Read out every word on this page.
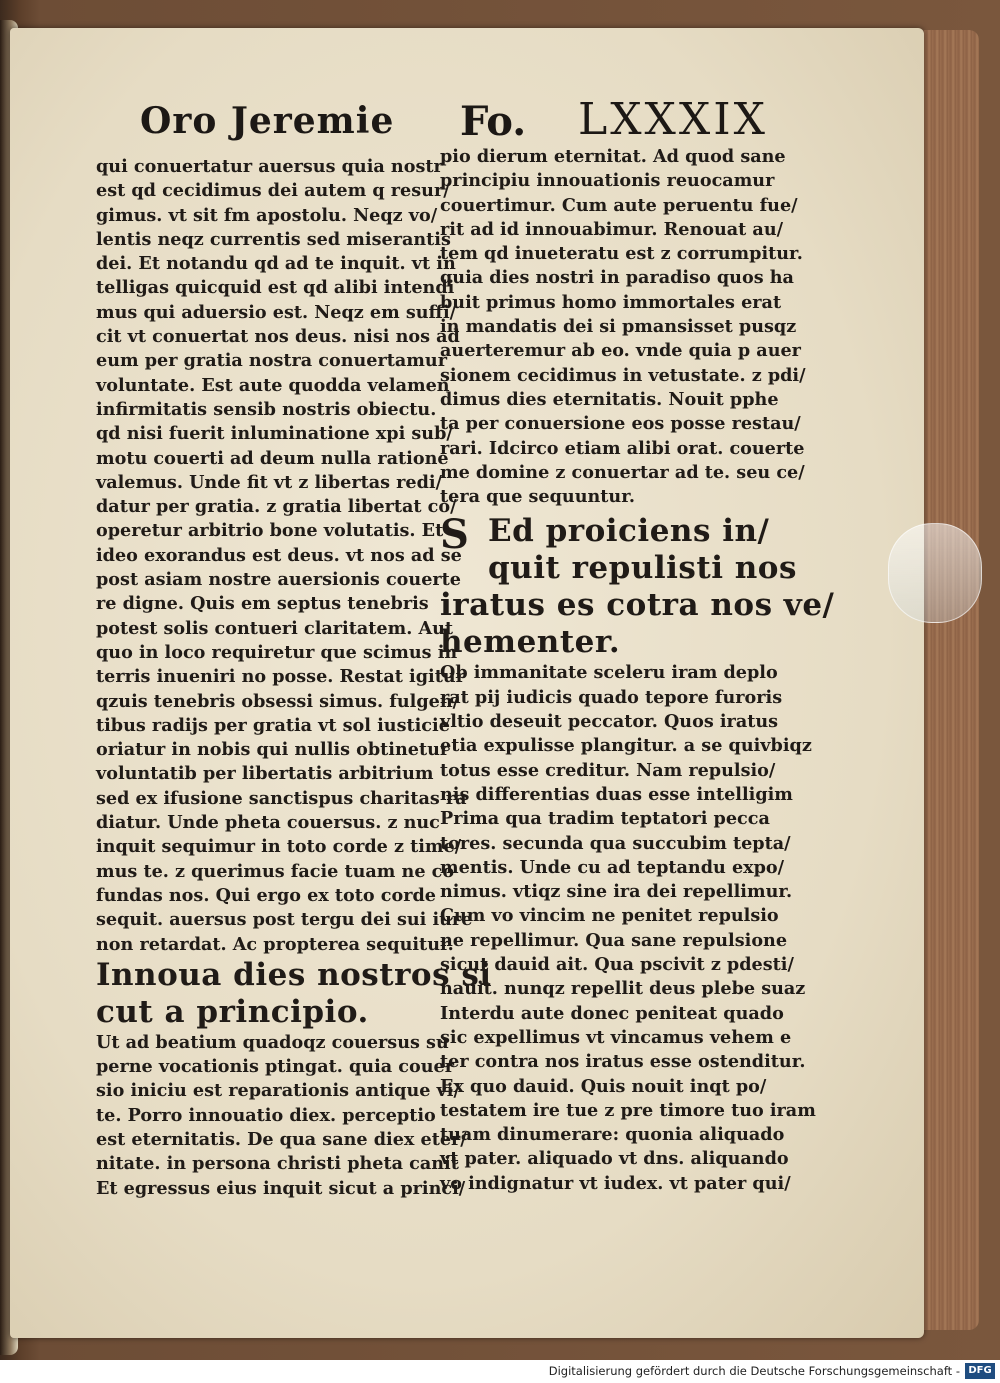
Oro Jeremie Fo. LXXXIX
qui conuertatur auersus quia nostr
est qd cecidimus dei autem q resur/
gimus. vt sit fm apostolu. Neqz vo/
lentis neqz currentis sed miserantis
dei. Et notandu qd ad te inquit. vt in
telligas quicquid est qd alibi intendi
mus qui aduersio est. Neqz em suffi/
cit vt conuertat nos deus. nisi nos ad
eum per gratia nostra conuertamur
voluntate. Est aute quodda velamen
infirmitatis sensib nostris obiectu.
qd nisi fuerit inluminatione xpi sub/
motu couerti ad deum nulla ratione
valemus. Unde fit vt z libertas redi/
datur per gratia. z gratia libertat co/
operetur arbitrio bone volutatis. Et
ideo exorandus est deus. vt nos ad se
post asiam nostre auersionis couerte
re digne. Quis em septus tenebris
potest solis contueri claritatem. Aut
quo in loco requiretur que scimus in
terris inueniri no posse. Restat igitur
qzuis tenebris obsessi simus. fulgen/
tibus radijs per gratia vt sol iusticie
oriatur in nobis qui nullis obtinetur
voluntatib per libertatis arbitrium
sed ex ifusione sanctispus charitas ra
diatur. Unde pheta couersus. z nuc
inquit sequimur in toto corde z time/
mus te. z querimus facie tuam ne co
fundas nos. Qui ergo ex toto corde
sequit. auersus post tergu dei sui iure
non retardat. Ac propterea sequitur.
Innoua dies nostros si
cut a principio.
Ut ad beatium quadoqz couersus su
perne vocationis ptingat. quia couer
sio iniciu est reparationis antique vi/
te. Porro innouatio diex. perceptio
est eternitatis. De qua sane diex eter/
nitate. in persona christi pheta canit
Et egressus eius inquit sicut a princi/
pio dierum eternitat. Ad quod sane
principiu innouationis reuocamur
couertimur. Cum aute peruentu fue/
rit ad id innouabimur. Renouat au/
tem qd inueteratu est z corrumpitur.
quia dies nostri in paradiso quos ha
buit primus homo immortales erat
in mandatis dei si pmansisset pusqz
auerteremur ab eo. vnde quia p auer
sionem cecidimus in vetustate. z pdi/
dimus dies eternitatis. Nouit pphe
ta per conuersione eos posse restau/
rari. Idcirco etiam alibi orat. couerte
me domine z conuertar ad te. seu ce/
tera que sequuntur.
S Ed proiciens in/
quit repulisti nos
iratus es cotra nos ve/
hementer.
Ob immanitate sceleru iram deplo
rat pij iudicis quado tepore furoris
vltio deseuit peccator. Quos iratus
etia expulisse plangitur. a se quivbiqz
totus esse creditur. Nam repulsio/
nis differentias duas esse intelligim
Prima qua tradim teptatori pecca
tores. secunda qua succubim tepta/
mentis. Unde cu ad teptandu expo/
nimus. vtiqz sine ira dei repellimur.
Cum vo vincim ne penitet repulsio
ne repellimur. Qua sane repulsione
sicut dauid ait. Qua pscivit z pdesti/
nauit. nunqz repellit deus plebe suaz
Interdu aute donec peniteat quado
sic expellimus vt vincamus vehem e
ter contra nos iratus esse ostenditur.
Ex quo dauid. Quis nouit inqt po/
testatem ire tue z pre timore tuo iram
tuam dinumerare: quonia aliquado
vt pater. aliquado vt dns. aliquando
vo indignatur vt iudex. vt pater qui/
Digitalisierung gefördert durch die Deutsche Forschungsgemeinschaft - DFG
